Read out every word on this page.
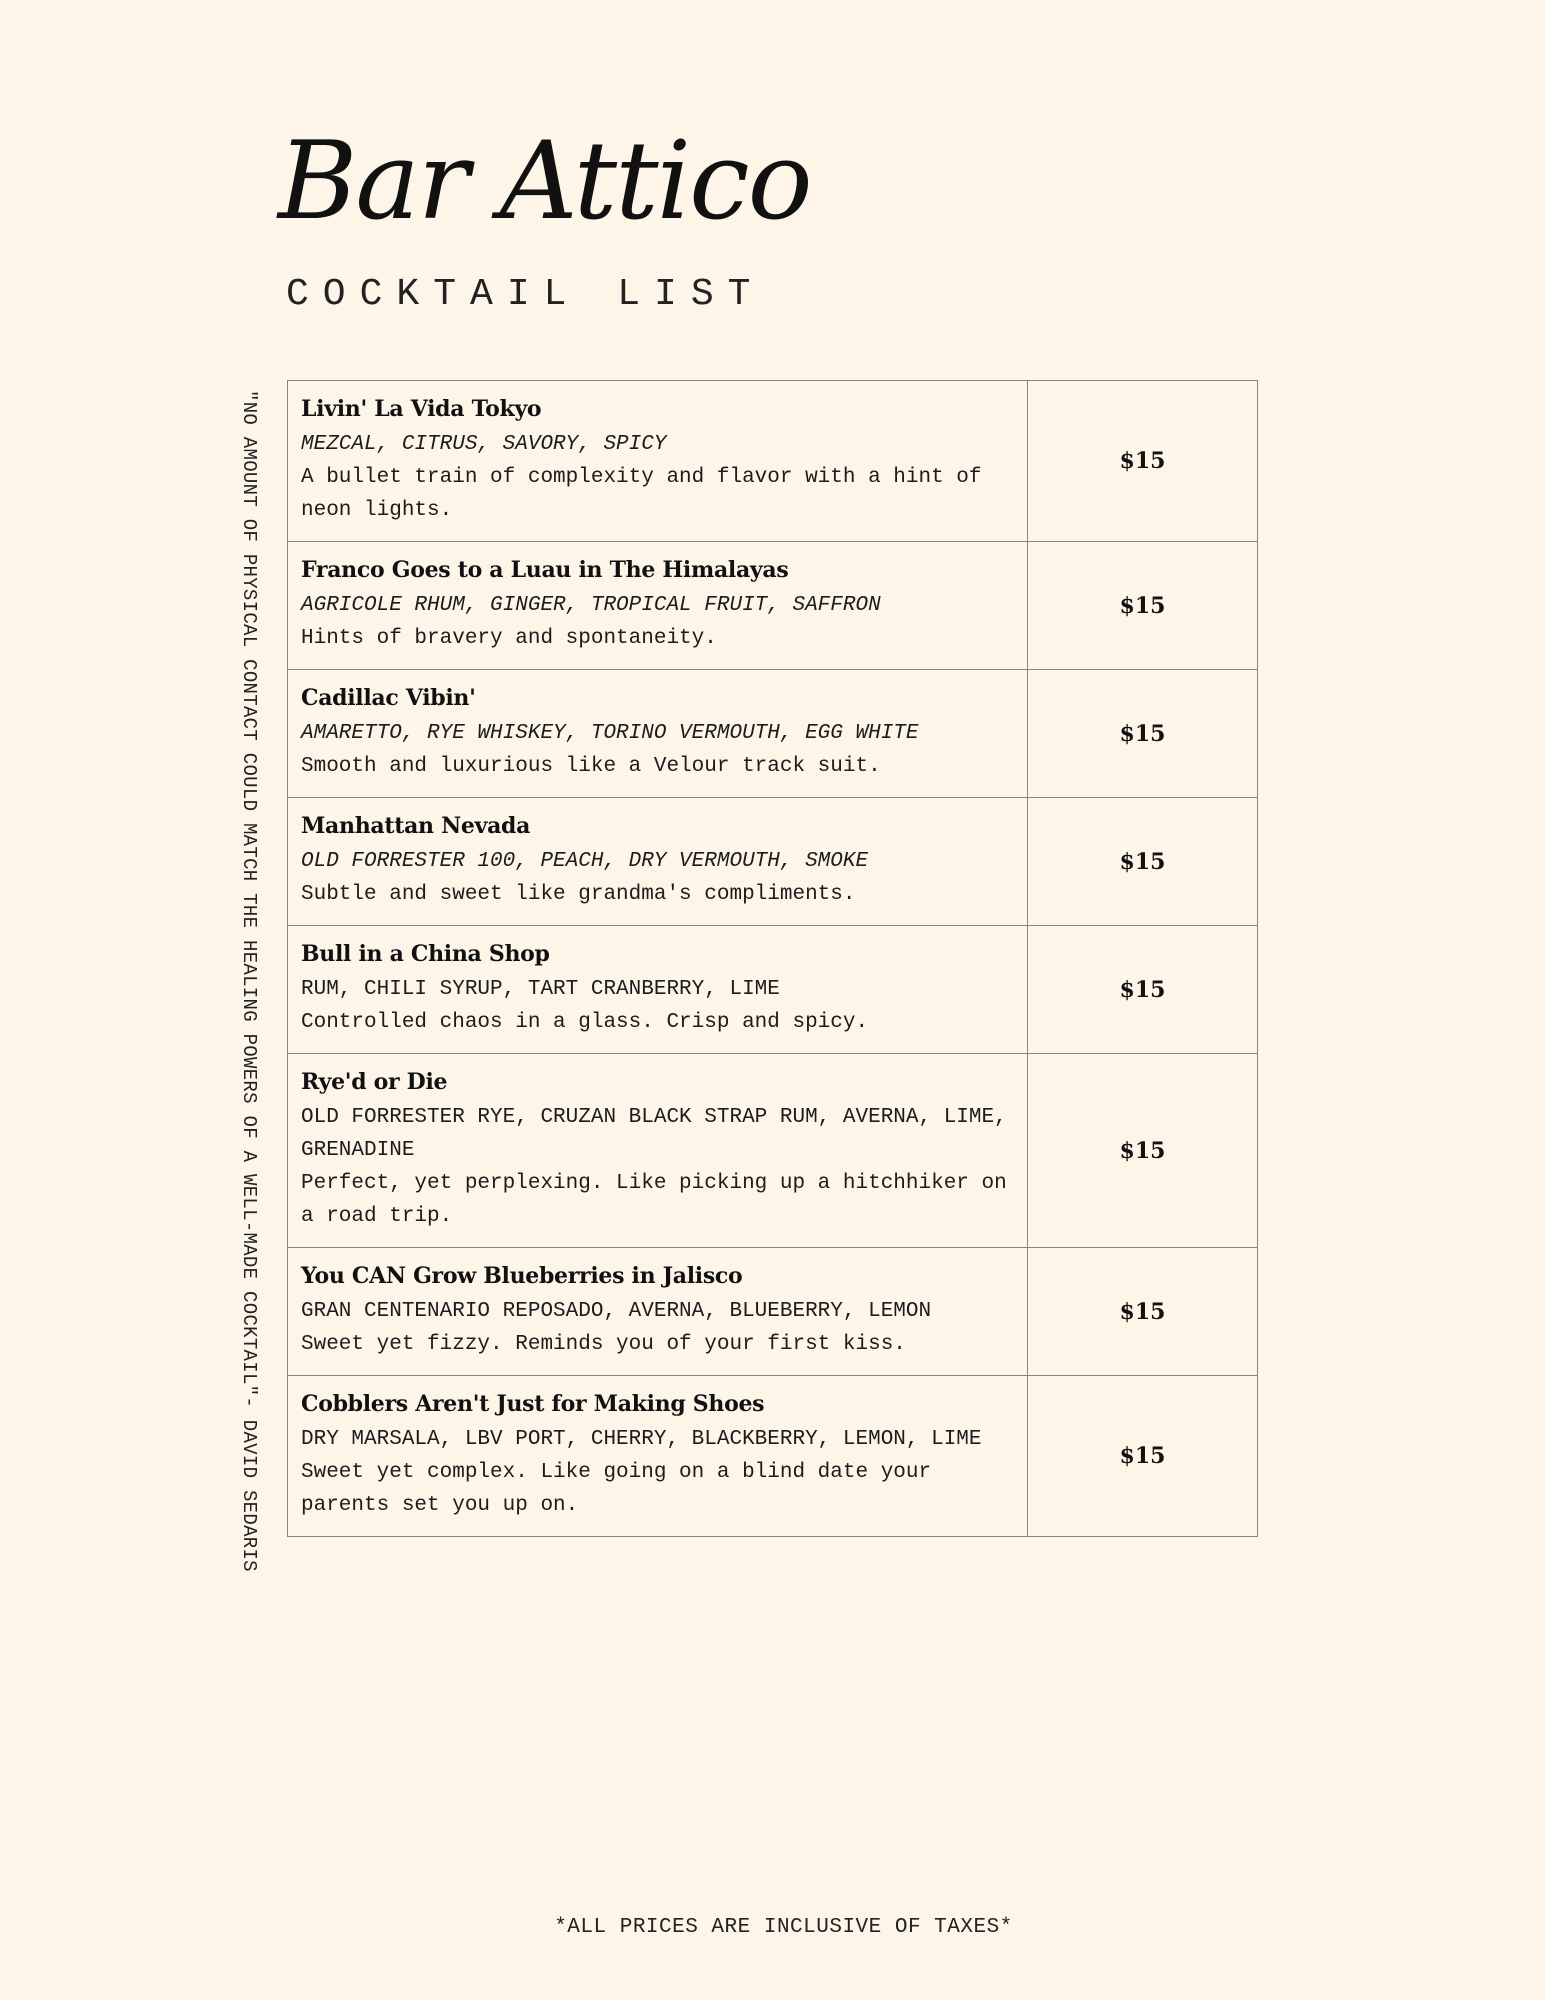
Bar Attico
COCKTAIL LIST
"NO AMOUNT OF PHYSICAL CONTACT COULD MATCH THE HEALING POWERS OF A WELL-MADE COCKTAIL"- DAVID SEDARIS Livin' La Vida Tokyo
MEZCAL, CITRUS, SAVORY, SPICY
A bullet train of complexity and flavor with a hint of neon lights.	$15

Franco Goes to a Luau in The Himalayas
AGRICOLE RHUM, GINGER, TROPICAL FRUIT, SAFFRON
Hints of bravery and spontaneity.	$15

Cadillac Vibin'
AMARETTO, RYE WHISKEY, TORINO VERMOUTH, EGG WHITE
Smooth and luxurious like a Velour track suit.	$15

Manhattan Nevada
OLD FORRESTER 100, PEACH, DRY VERMOUTH, SMOKE
Subtle and sweet like grandma's compliments.	$15

Bull in a China Shop
RUM, CHILI SYRUP, TART CRANBERRY, LIME
Controlled chaos in a glass. Crisp and spicy.	$15

Rye'd or Die
OLD FORRESTER RYE, CRUZAN BLACK STRAP RUM, AVERNA, LIME, GRENADINE
Perfect, yet perplexing. Like picking up a hitchhiker on a road trip.	$15

You CAN Grow Blueberries in Jalisco
GRAN CENTENARIO REPOSADO, AVERNA, BLUEBERRY, LEMON
Sweet yet fizzy. Reminds you of your first kiss.	$15

Cobblers Aren't Just for Making Shoes
DRY MARSALA, LBV PORT, CHERRY, BLACKBERRY, LEMON, LIME
Sweet yet complex. Like going on a blind date your parents set you up on.	$15
*ALL PRICES ARE INCLUSIVE OF TAXES*
